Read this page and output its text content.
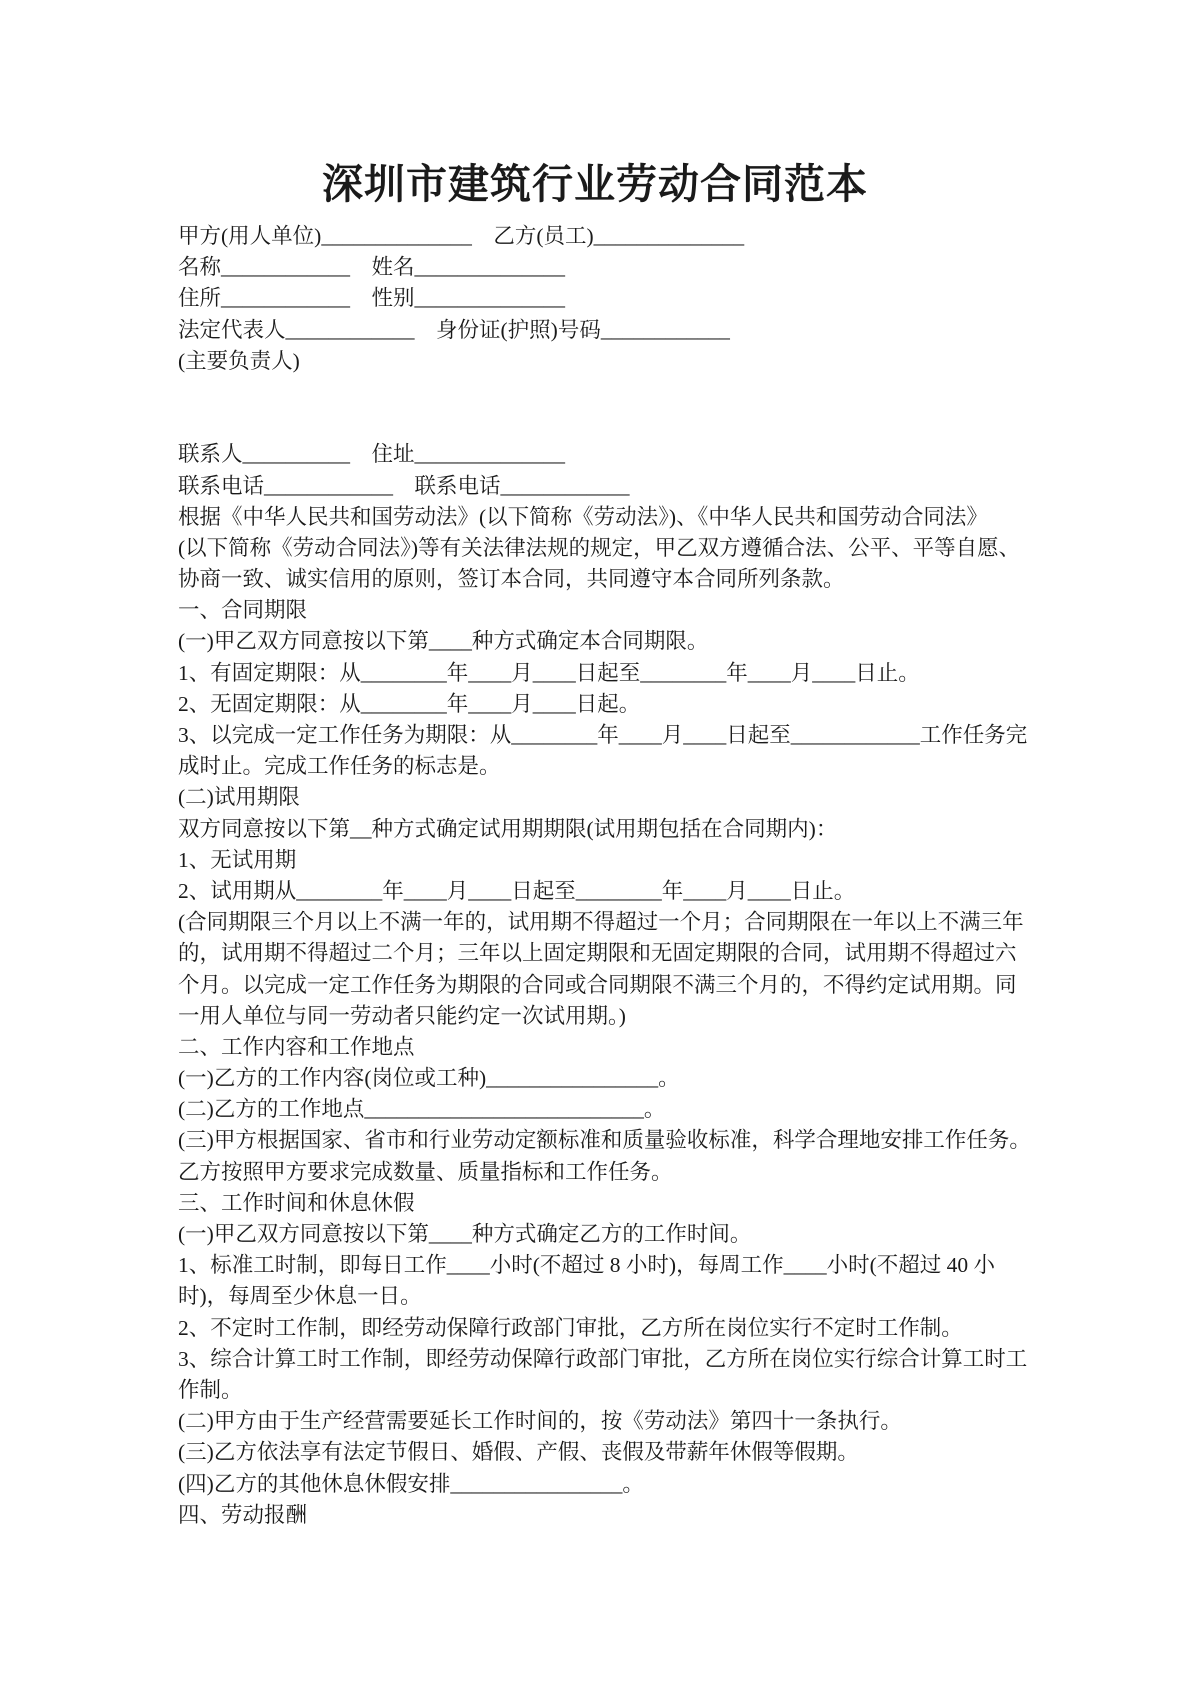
深圳市建筑行业劳动合同范本
甲方(用人单位)______________　乙方(员工)______________
名称____________　姓名______________
住所____________　性别______________
法定代表人____________　身份证(护照)号码____________
(主要负责人)
联系人__________　住址______________
联系电话____________　联系电话____________
根据《中华人民共和国劳动法》(以下简称《劳动法》)、《中华人民共和国劳动合同法》
(以下简称《劳动合同法》)等有关法律法规的规定，甲乙双方遵循合法、公平、平等自愿、
协商一致、诚实信用的原则，签订本合同，共同遵守本合同所列条款。
一、合同期限
(一)甲乙双方同意按以下第____种方式确定本合同期限。
1、有固定期限：从________年____月____日起至________年____月____日止。
2、无固定期限：从________年____月____日起。
3、以完成一定工作任务为期限：从________年____月____日起至____________工作任务完
成时止。完成工作任务的标志是。
(二)试用期限
双方同意按以下第__种方式确定试用期期限(试用期包括在合同期内)：
1、无试用期
2、试用期从________年____月____日起至________年____月____日止。
(合同期限三个月以上不满一年的，试用期不得超过一个月；合同期限在一年以上不满三年
的，试用期不得超过二个月；三年以上固定期限和无固定期限的合同，试用期不得超过六
个月。以完成一定工作任务为期限的合同或合同期限不满三个月的，不得约定试用期。同
一用人单位与同一劳动者只能约定一次试用期。)
二、工作内容和工作地点
(一)乙方的工作内容(岗位或工种)________________。
(二)乙方的工作地点__________________________。
(三)甲方根据国家、省市和行业劳动定额标准和质量验收标准，科学合理地安排工作任务。
乙方按照甲方要求完成数量、质量指标和工作任务。
三、工作时间和休息休假
(一)甲乙双方同意按以下第____种方式确定乙方的工作时间。
1、标准工时制，即每日工作____小时(不超过 8 小时)，每周工作____小时(不超过 40 小
时)，每周至少休息一日。
2、不定时工作制，即经劳动保障行政部门审批，乙方所在岗位实行不定时工作制。
3、综合计算工时工作制，即经劳动保障行政部门审批，乙方所在岗位实行综合计算工时工
作制。
(二)甲方由于生产经营需要延长工作时间的，按《劳动法》第四十一条执行。
(三)乙方依法享有法定节假日、婚假、产假、丧假及带薪年休假等假期。
(四)乙方的其他休息休假安排________________。
四、劳动报酬
